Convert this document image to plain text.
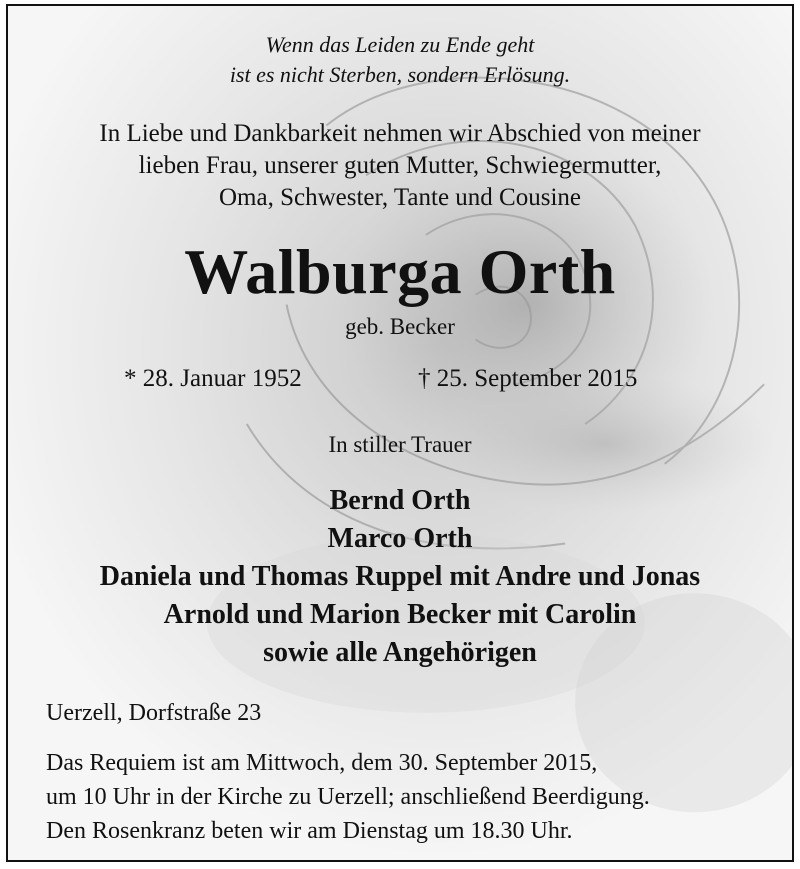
Wenn das Leiden zu Ende geht
ist es nicht Sterben, sondern Erlösung.
In Liebe und Dankbarkeit nehmen wir Abschied von meiner
lieben Frau, unserer guten Mutter, Schwiegermutter,
Oma, Schwester, Tante und Cousine
Walburga Orth
geb. Becker
* 28. Januar 1952	† 25. September 2015
In stiller Trauer
Bernd Orth
Marco Orth
Daniela und Thomas Ruppel mit Andre und Jonas
Arnold und Marion Becker mit Carolin
sowie alle Angehörigen
Uerzell, Dorfstraße 23
Das Requiem ist am Mittwoch, dem 30. September 2015,
um 10 Uhr in der Kirche zu Uerzell; anschließend Beerdigung.
Den Rosenkranz beten wir am Dienstag um 18.30 Uhr.
